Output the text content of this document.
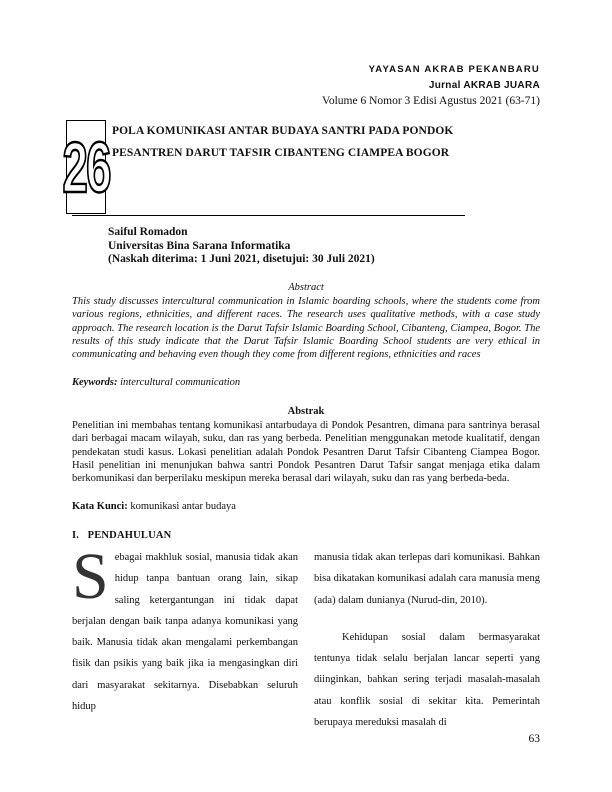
YAYASAN AKRAB PEKANBARU
Jurnal AKRAB JUARA
Volume 6 Nomor 3 Edisi Agustus 2021 (63-71)
26 POLA KOMUNIKASI ANTAR BUDAYA SANTRI PADA PONDOK
PESANTREN DARUT TAFSIR CIBANTENG CIAMPEA BOGOR
Saiful Romadon
Universitas Bina Sarana Informatika
(Naskah diterima: 1 Juni 2021, disetujui: 30 Juli 2021)
Abstract
This study discusses intercultural communication in Islamic boarding schools, where the students come from various regions, ethnicities, and different races. The research uses qualitative methods, with a case study approach. The research location is the Darut Tafsir Islamic Boarding School, Cibanteng, Ciampea, Bogor. The results of this study indicate that the Darut Tafsir Islamic Boarding School students are very ethical in communicating and behaving even though they come from different regions, ethnicities and races
Keywords: intercultural communication
Abstrak
Penelitian ini membahas tentang komunikasi antarbudaya di Pondok Pesantren, dimana para santrinya berasal dari berbagai macam wilayah, suku, dan ras yang berbeda. Penelitian menggunakan metode kualitatif, dengan pendekatan studi kasus. Lokasi penelitian adalah Pondok Pesantren Darut Tafsir Cibanteng Ciampea Bogor. Hasil penelitian ini menunjukan bahwa santri Pondok Pesantren Darut Tafsir sangat menjaga etika dalam berkomunikasi dan berperilaku meskipun mereka berasal dari wilayah, suku dan ras yang berbeda-beda.
Kata Kunci: komunikasi antar budaya
I.   PENDAHULUAN

Sebagai makhluk sosial, manusia tidak akan hidup tanpa bantuan orang lain, sikap saling ketergantungan ini tidak dapat berjalan dengan baik tanpa adanya komunikasi yang baik. Manusia tidak akan mengalami perkembangan fisik dan psikis yang baik jika ia mengasingkan diri dari masyarakat sekitarnya. Disebabkan seluruh hidup

manusia tidak akan terlepas dari komunikasi. Bahkan bisa dikatakan komunikasi adalah cara manusia meng (ada) dalam dunianya (Nurud-din, 2010).

Kehidupan sosial dalam bermasyarakat tentunya tidak selalu berjalan lancar seperti yang diinginkan, bahkan sering terjadi masalah-masalah atau konflik sosial di sekitar kita. Pemerintah berupaya mereduksi masalah di

63
